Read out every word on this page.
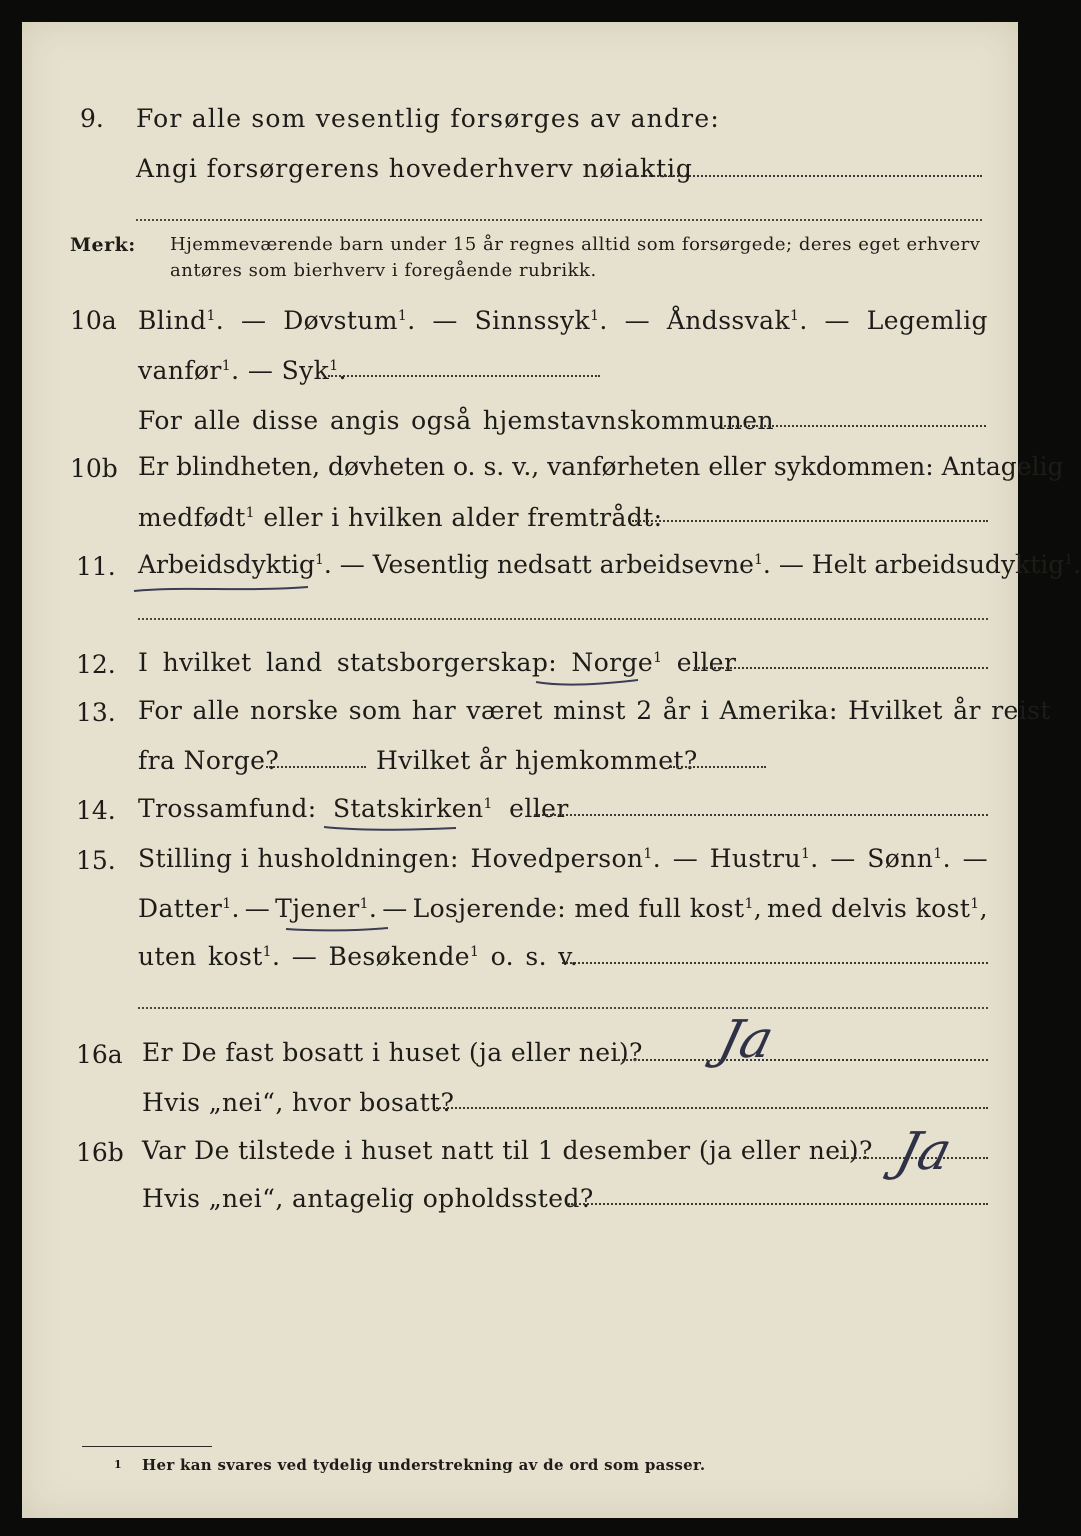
9. For alle som vesentlig forsørges av andre:
Angi forsørgerens hovederhverv nøiaktig
Merk: Hjemmeværende barn under 15 år regnes alltid som forsørgede; deres eget erhverv
antøres som bierhverv i foregående rubrikk.
10a Blind$^1$. — Døvstum$^1$. — Sinnssyk$^1$. — Åndssvak$^1$. — Legemlig
vanfør$^1$. — Syk$^1$.
For alle disse angis også hjemstavnskommunen
10b Er blindheten, døvheten o. s. v., vanførheten eller sykdommen: Antagelig
medfødt$^1$ eller i hvilken alder fremtrådt:
11. Arbeidsdyktig$^1$. — Vesentlig nedsatt arbeidsevne$^1$. — Helt arbeidsudyktig$^1$.
12. I hvilket land statsborgerskap: Norge$^1$ eller
13. For alle norske som har været minst 2 år i Amerika: Hvilket år reist
fra Norge?	Hvilket år hjemkommet?
14. Trossamfund: Statskirken$^1$ eller
15. Stilling i husholdningen: Hovedperson$^1$. — Hustru$^1$. — Sønn$^1$. —
Datter$^1$. — Tjener$^1$. — Losjerende: med full kost$^1$, med delvis kost$^1$,
uten kost$^1$. — Besøkende$^1$ o. s. v.
16a Er De fast bosatt i huset (ja eller nei)? Ja
Hvis „nei“, hvor bosatt?
16b Var De tilstede i huset natt til 1 desember (ja eller nei)? Ja
Hvis „nei“, antagelig opholdssted?
1 Her kan svares ved tydelig understrekning av de ord som passer.
